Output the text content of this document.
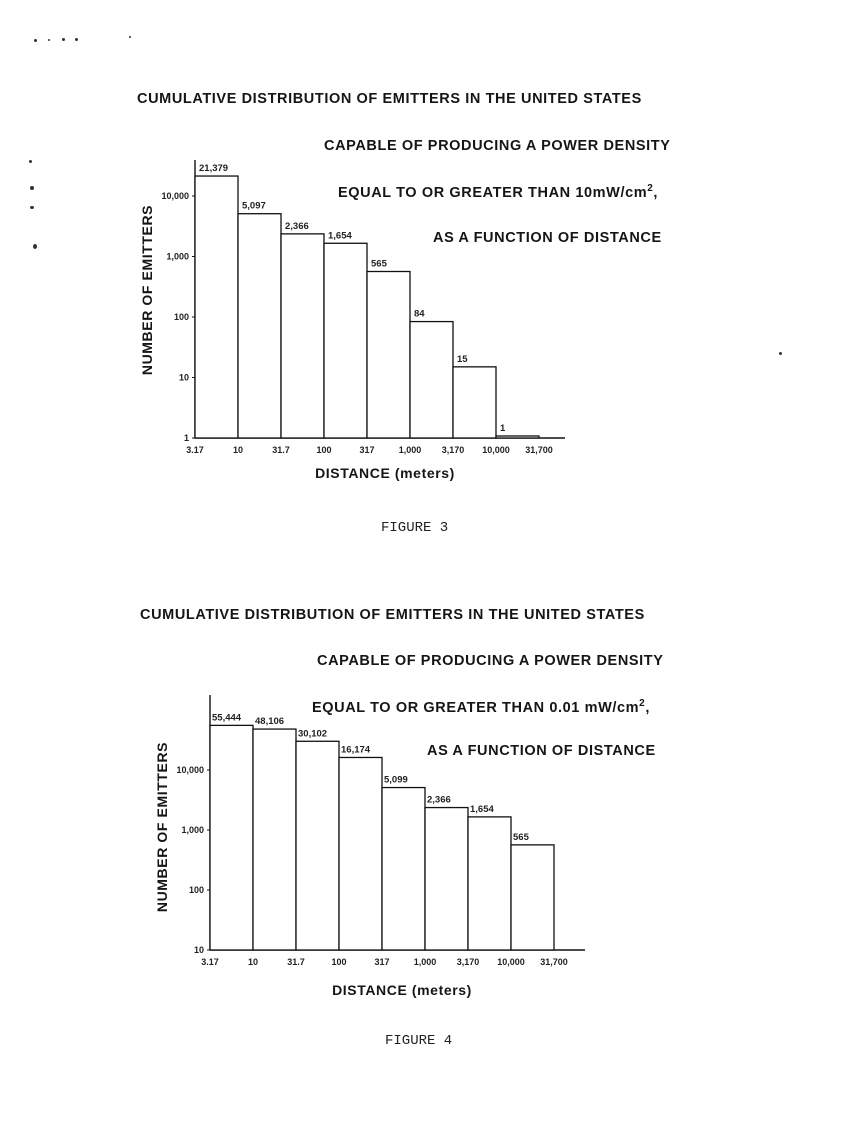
CUMULATIVE DISTRIBUTION OF EMITTERS IN THE UNITED STATES
CAPABLE OF PRODUCING A POWER DENSITY
EQUAL TO OR GREATER THAN $10mW/cm^2$,
AS A FUNCTION OF DISTANCE
1
10
100
1,000
10,000
21,379
5,097
2,366
1,654
565
84
15
1
3.17	10	31.7	100	317	1,000 3,170 10,000 31,700
DISTANCE (meters)
NUMBER OF EMITTERS
FIGURE 3
CUMULATIVE DISTRIBUTION OF EMITTERS IN THE UNITED STATES
CAPABLE OF PRODUCING A POWER DENSITY
EQUAL TO OR GREATER THAN 0.01 $mW/cm^2$,
AS A FUNCTION OF DISTANCE
10
100
1,000
10,000
55,444 48,106
30,102
16,174
5,099
2,366
1,654
565
3.17	10	31.7	100	317	1,000 3,170 10,000 31,700
DISTANCE (meters)
NUMBER OF EMITTERS
FIGURE 4
